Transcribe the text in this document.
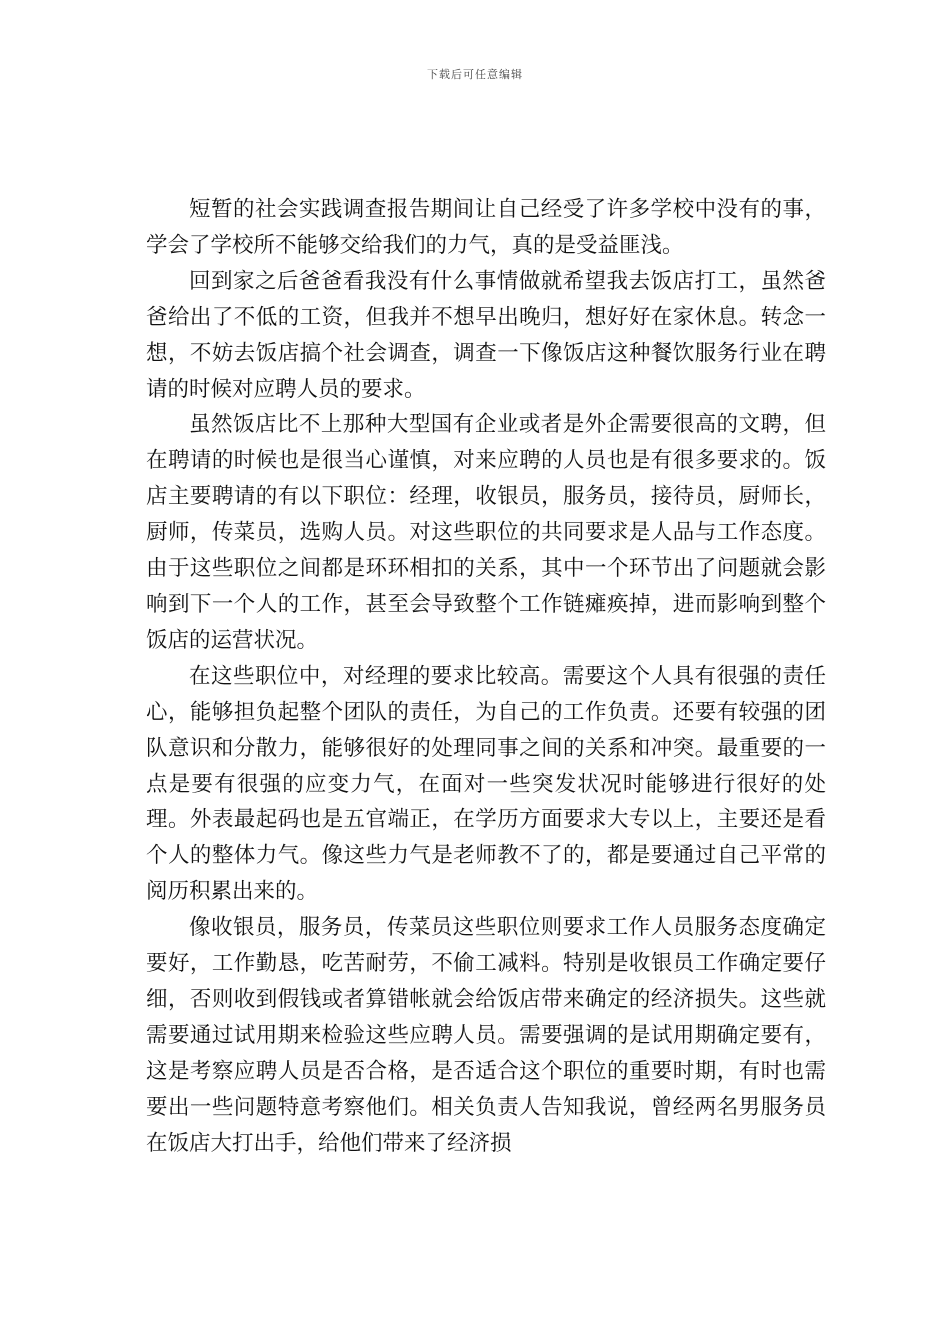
下载后可任意编辑

短暂的社会实践调查报告期间让自己经受了许多学校中没有的事，学会了学校所不能够交给我们的力气，真的是受益匪浅。

回到家之后爸爸看我没有什么事情做就希望我去饭店打工，虽然爸爸给出了不低的工资，但我并不想早出晚归，想好好在家休息。转念一想，不妨去饭店搞个社会调查，调查一下像饭店这种餐饮服务行业在聘请的时候对应聘人员的要求。

虽然饭店比不上那种大型国有企业或者是外企需要很高的文聘，但在聘请的时候也是很当心谨慎，对来应聘的人员也是有很多要求的。饭店主要聘请的有以下职位：经理，收银员，服务员，接待员，厨师长，厨师，传菜员，选购人员。对这些职位的共同要求是人品与工作态度。由于这些职位之间都是环环相扣的关系，其中一个环节出了问题就会影响到下一个人的工作，甚至会导致整个工作链瘫痪掉，进而影响到整个饭店的运营状况。

在这些职位中，对经理的要求比较高。需要这个人具有很强的责任心，能够担负起整个团队的责任，为自己的工作负责。还要有较强的团队意识和分散力，能够很好的处理同事之间的关系和冲突。最重要的一点是要有很强的应变力气，在面对一些突发状况时能够进行很好的处理。外表最起码也是五官端正，在学历方面要求大专以上，主要还是看个人的整体力气。像这些力气是老师教不了的，都是要通过自己平常的阅历积累出来的。

像收银员，服务员，传菜员这些职位则要求工作人员服务态度确定要好，工作勤恳，吃苦耐劳，不偷工减料。特别是收银员工作确定要仔细，否则收到假钱或者算错帐就会给饭店带来确定的经济损失。这些就需要通过试用期来检验这些应聘人员。需要强调的是试用期确定要有，这是考察应聘人员是否合格，是否适合这个职位的重要时期，有时也需要出一些问题特意考察他们。相关负责人告知我说，曾经两名男服务员在饭店大打出手，给他们带来了经济损
